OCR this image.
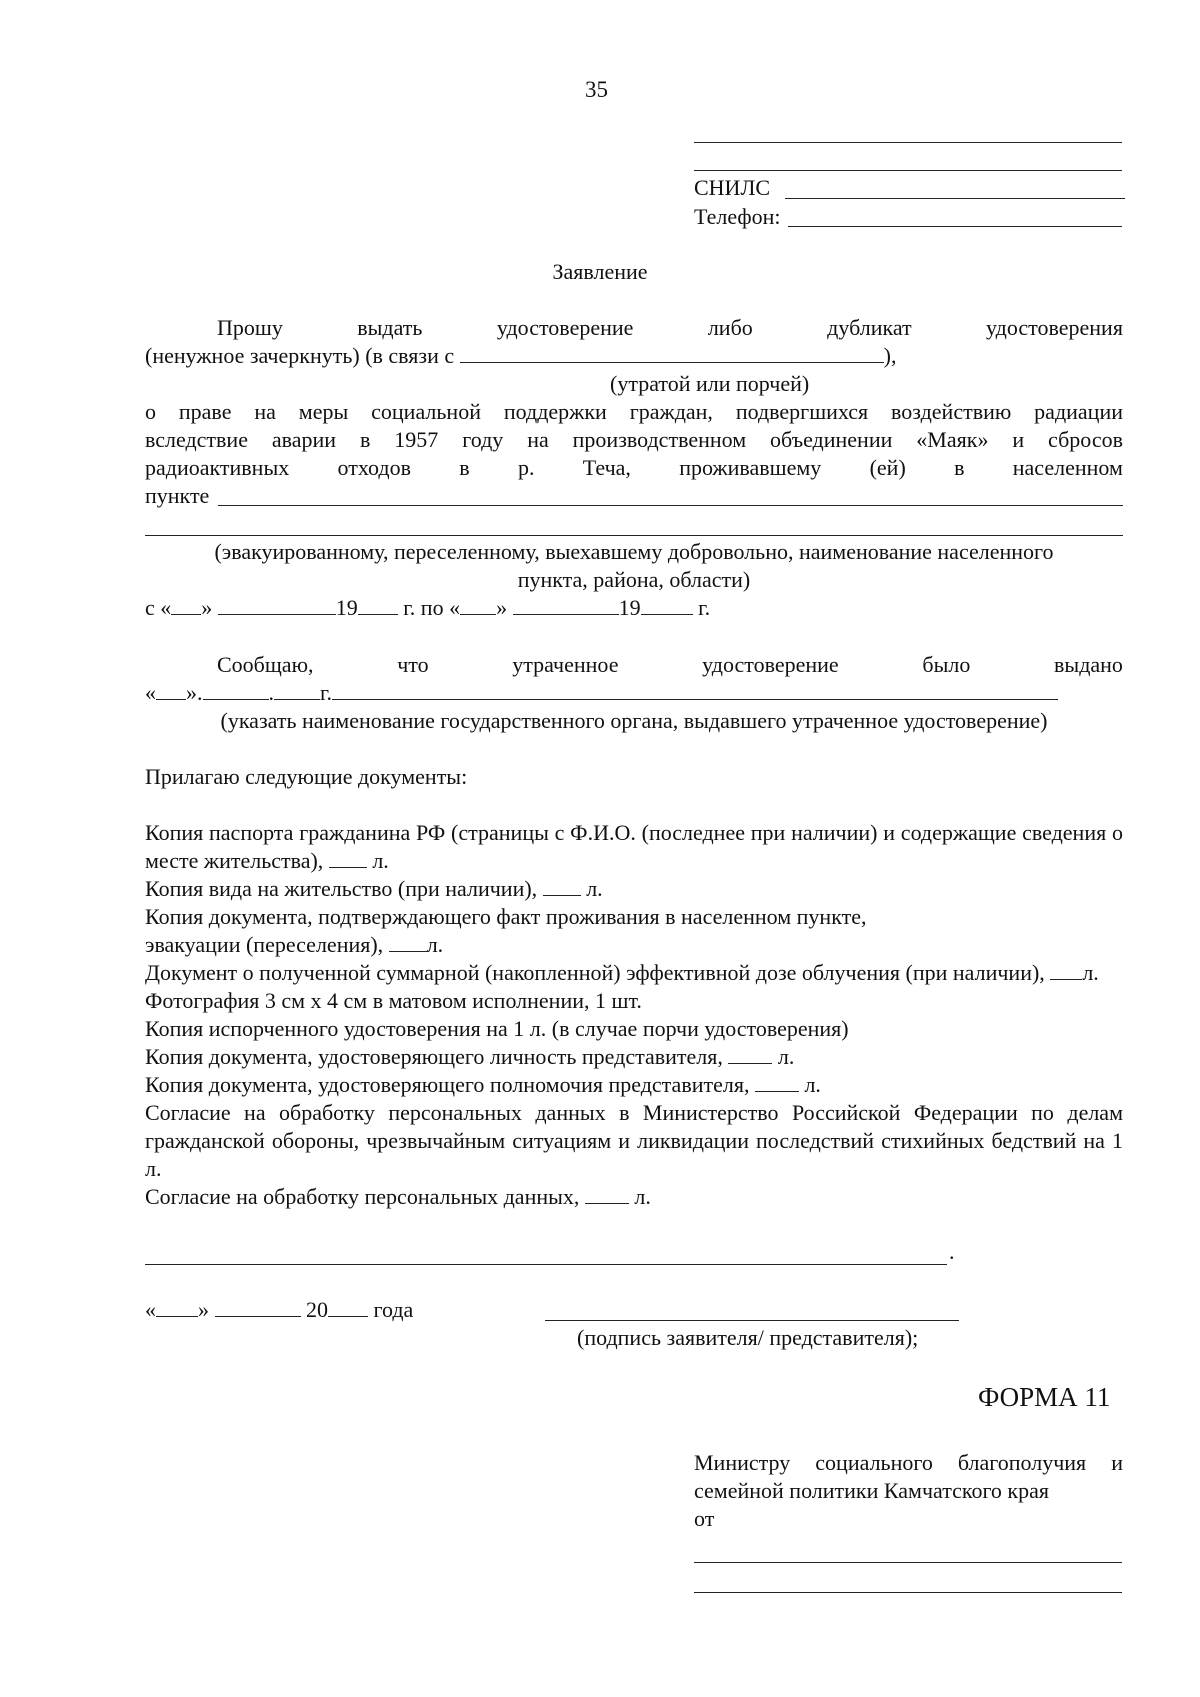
35
СНИЛС
Телефон:
Заявление
Прошу	выдать	удостоверение	либо	дубликат	удостоверения
(ненужное зачеркнуть) (в связи с	),
(утратой или порчей)
о праве на меры социальной поддержки граждан, подвергшихся воздействию радиации
вследствие аварии в 1957 году на производственном объединении «Маяк» и сбросов
радиоактивных отходов в р. Теча, проживавшему (ей) в населенном
пункте
(эвакуированному, переселенному, выехавшему добровольно, наименование населенного
пункта, района, области)
с « »	19 г. по « »	19	г.
Сообщаю,	что	утраченное	удостоверение	было	выдано
« ».	. г.
(указать наименование государственного органа, выдавшего утраченное удостоверение)
Прилагаю следующие документы:

Копия паспорта гражданина РФ (страницы с Ф.И.О. (последнее при наличии) и содержащие сведения о месте жительства), л.

Копия вида на жительство (при наличии), л.

Копия документа, подтверждающего факт проживания в населенном пункте,

эвакуации (переселения), л.

Документ о полученной суммарной (накопленной) эффективной дозе облучения (при наличии), л.

Фотография 3 см х 4 см в матовом исполнении, 1 шт.

Копия испорченного удостоверения на 1 л. (в случае порчи удостоверения)

Копия документа, удостоверяющего личность представителя,	л.

Копия документа, удостоверяющего полномочия представителя,	л.

Согласие на обработку персональных данных в Министерство Российской Федерации по делам гражданской обороны, чрезвычайным ситуациям и ликвидации последствий стихийных бедствий на 1 л.

Согласие на обработку персональных данных,	л.

.
« »	20 года
(подпись заявителя/ представителя);
ФОРМА 11
Министру социального благополучия и
семейной политики Камчатского края
от
